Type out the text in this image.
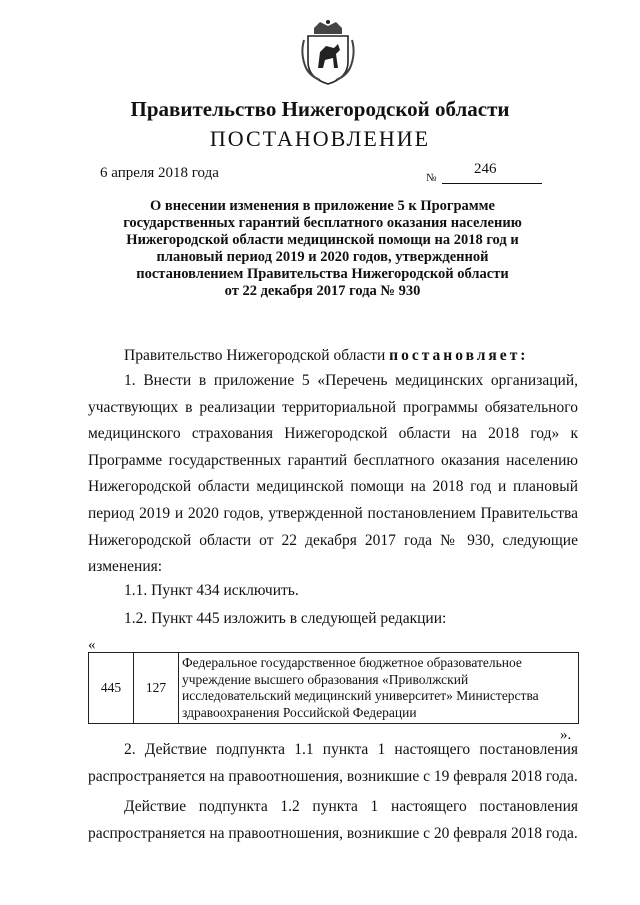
Правительство Нижегородской области
ПОСТАНОВЛЕНИЕ
6 апреля 2018 года	№
246
О внесении изменения в приложение 5 к Программе
государственных гарантий бесплатного оказания населению
Нижегородской области медицинской помощи на 2018 год и
плановый период 2019 и 2020 годов, утвержденной
постановлением Правительства Нижегородской области
от 22 декабря 2017 года № 930
Правительство Нижегородской области постановляет:
1. Внести в приложение 5 «Перечень медицинских организаций, участвующих в реализации территориальной программы обязательного медицинского страхования Нижегородской области на 2018 год» к Программе государственных гарантий бесплатного оказания населению Нижегородской области медицинской помощи на 2018 год и плановый период 2019 и 2020 годов, утвержденной постановлением Правительства Нижегородской области от 22 декабря 2017 года № 930, следующие изменения:
1.1. Пункт 434 исключить.
1.2. Пункт 445 изложить в следующей редакции:
«
445	127	Федеральное государственное бюджетное образовательное учреждение высшего образования «Приволжский исследовательский медицинский университет» Министерства здравоохранения Российской Федерации
».
2. Действие подпункта 1.1 пункта 1 настоящего постановления распространяется на правоотношения, возникшие с 19 февраля 2018 года.
Действие подпункта 1.2 пункта 1 настоящего постановления распространяется на правоотношения, возникшие с 20 февраля 2018 года.
